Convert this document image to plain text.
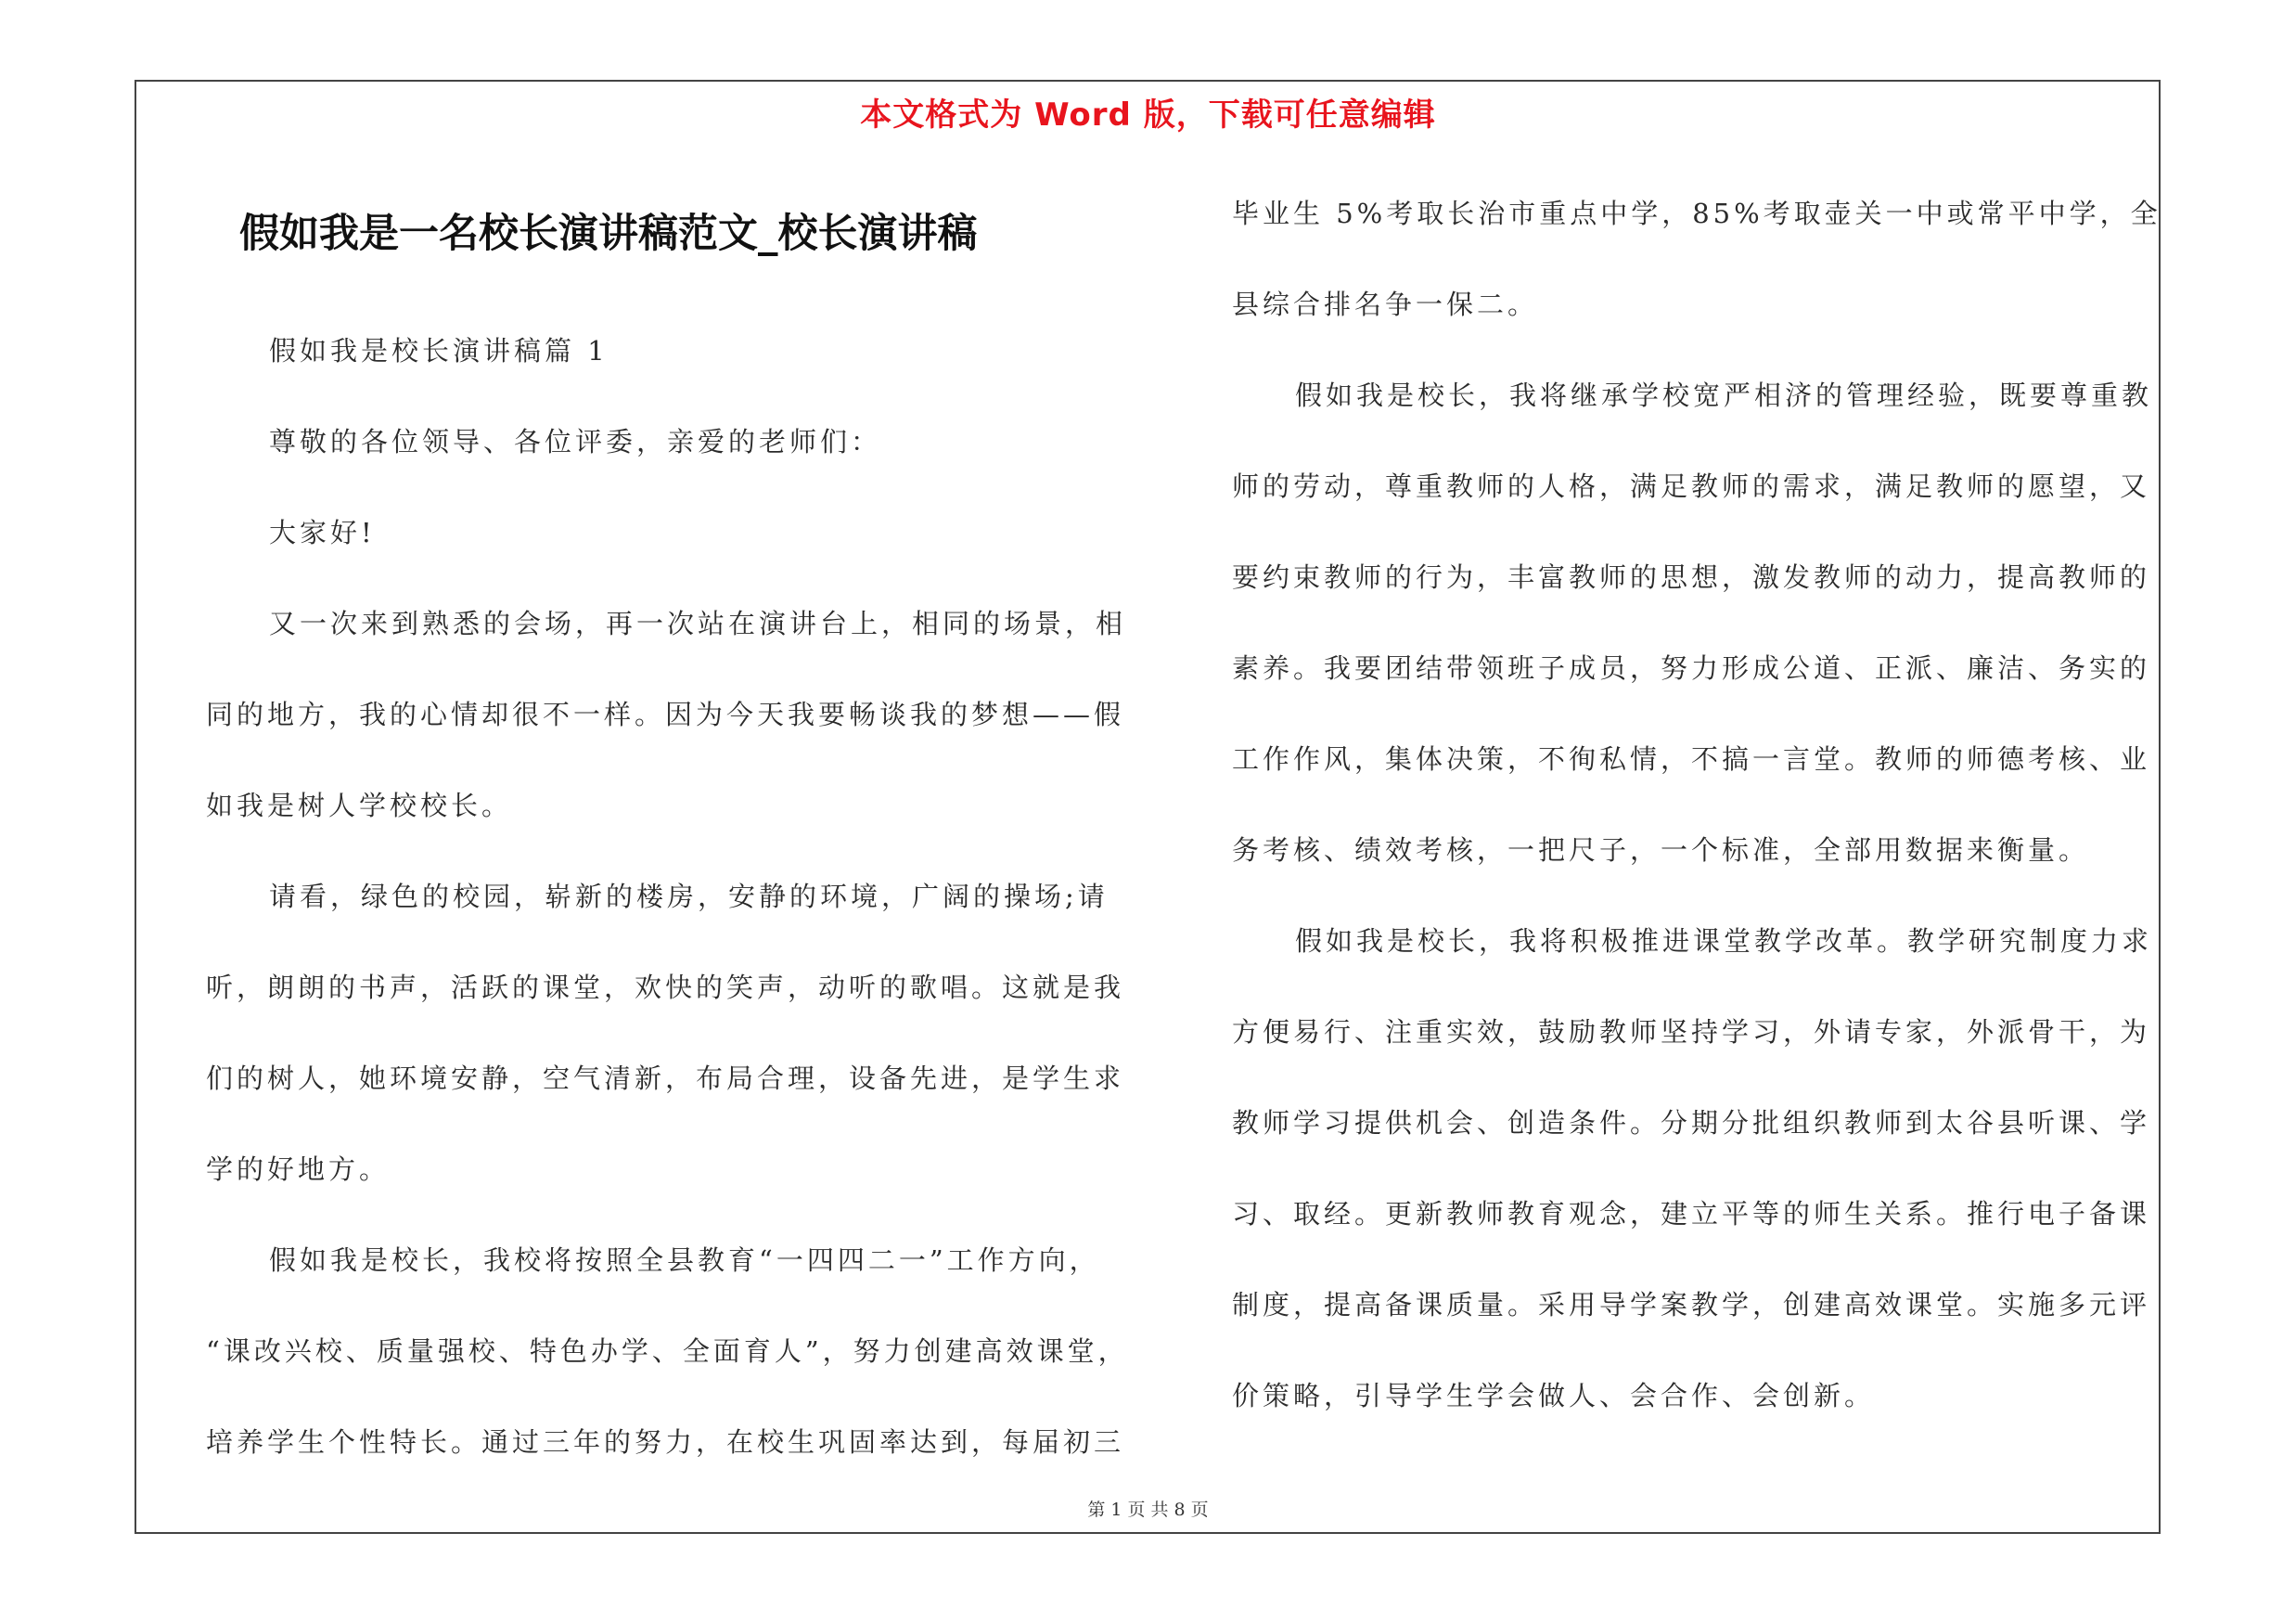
本文格式为 Word 版，下载可任意编辑
假如我是一名校长演讲稿范文_校长演讲稿
假如我是校长演讲稿篇 1
尊敬的各位领导、各位评委，亲爱的老师们：
大家好!
又一次来到熟悉的会场，再一次站在演讲台上，相同的场景，相
同的地方，我的心情却很不一样。因为今天我要畅谈我的梦想——假
如我是树人学校校长。
请看，绿色的校园，崭新的楼房，安静的环境，广阔的操场;请
听，朗朗的书声，活跃的课堂，欢快的笑声，动听的歌唱。这就是我
们的树人，她环境安静，空气清新，布局合理，设备先进，是学生求
学的好地方。
假如我是校长，我校将按照全县教育“一四四二一”工作方向，
“课改兴校、质量强校、特色办学、全面育人”，努力创建高效课堂，
培养学生个性特长。通过三年的努力，在校生巩固率达到，每届初三
毕业生 5%考取长治市重点中学，85%考取壶关一中或常平中学，全
县综合排名争一保二。
假如我是校长，我将继承学校宽严相济的管理经验，既要尊重教
师的劳动，尊重教师的人格，满足教师的需求，满足教师的愿望，又
要约束教师的行为，丰富教师的思想，激发教师的动力，提高教师的
素养。我要团结带领班子成员，努力形成公道、正派、廉洁、务实的
工作作风，集体决策，不徇私情，不搞一言堂。教师的师德考核、业
务考核、绩效考核，一把尺子，一个标准，全部用数据来衡量。
假如我是校长，我将积极推进课堂教学改革。教学研究制度力求
方便易行、注重实效，鼓励教师坚持学习，外请专家，外派骨干，为
教师学习提供机会、创造条件。分期分批组织教师到太谷县听课、学
习、取经。更新教师教育观念，建立平等的师生关系。推行电子备课
制度，提高备课质量。采用导学案教学，创建高效课堂。实施多元评
价策略，引导学生学会做人、会合作、会创新。
第 1 页 共 8 页
